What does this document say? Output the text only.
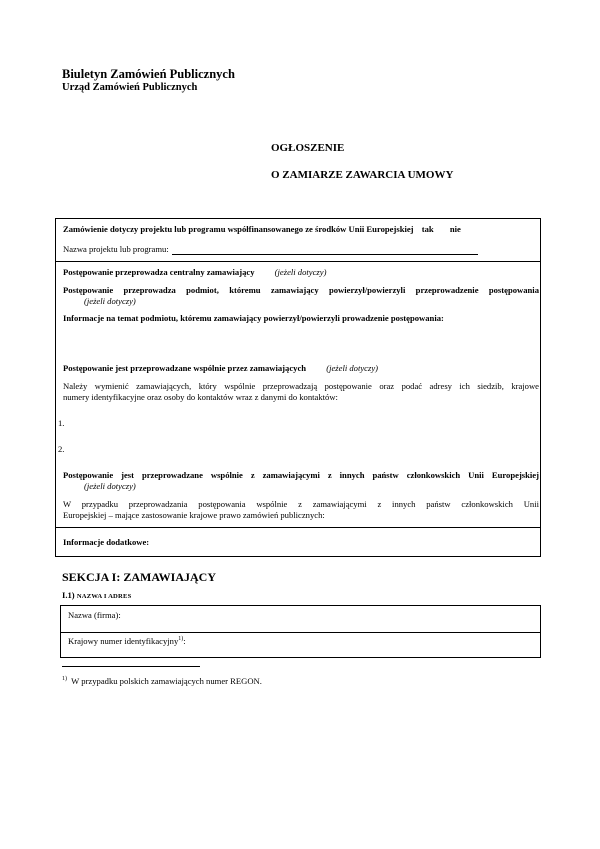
Biuletyn Zamówień Publicznych
Urząd Zamówień Publicznych
OGŁOSZENIE
O ZAMIARZE ZAWARCIA UMOWY
Zamówienie dotyczy projektu lub programu współfinansowanego ze środków Unii Europejskiej tak nie
Nazwa projektu lub programu:
Postępowanie przeprowadza centralny zamawiający (jeżeli dotyczy)
Postępowanie przeprowadza podmiot, któremu zamawiający powierzył/powierzyli przeprowadzenie postępowania
(jeżeli dotyczy)
Informacje na temat podmiotu, któremu zamawiający powierzył/powierzyli prowadzenie postępowania:
Postępowanie jest przeprowadzane wspólnie przez zamawiających (jeżeli dotyczy)
Należy wymienić zamawiających, który wspólnie przeprowadzają postępowanie oraz podać adresy ich siedzib, krajowe
numery identyfikacyjne oraz osoby do kontaktów wraz z danymi do kontaktów:
1.
2.
Postępowanie jest przeprowadzane wspólnie z zamawiającymi z innych państw członkowskich Unii Europejskiej
(jeżeli dotyczy)
W przypadku przeprowadzania postępowania wspólnie z zamawiającymi z innych państw członkowskich Unii
Europejskiej – mające zastosowanie krajowe prawo zamówień publicznych:
Informacje dodatkowe:
SEKCJA I: ZAMAWIAJĄCY
I.1) NAZWA I ADRES
Nazwa (firma):
Krajowy numer identyfikacyjny$^{1)}$:
$^{1)}$ W przypadku polskich zamawiających numer REGON.
